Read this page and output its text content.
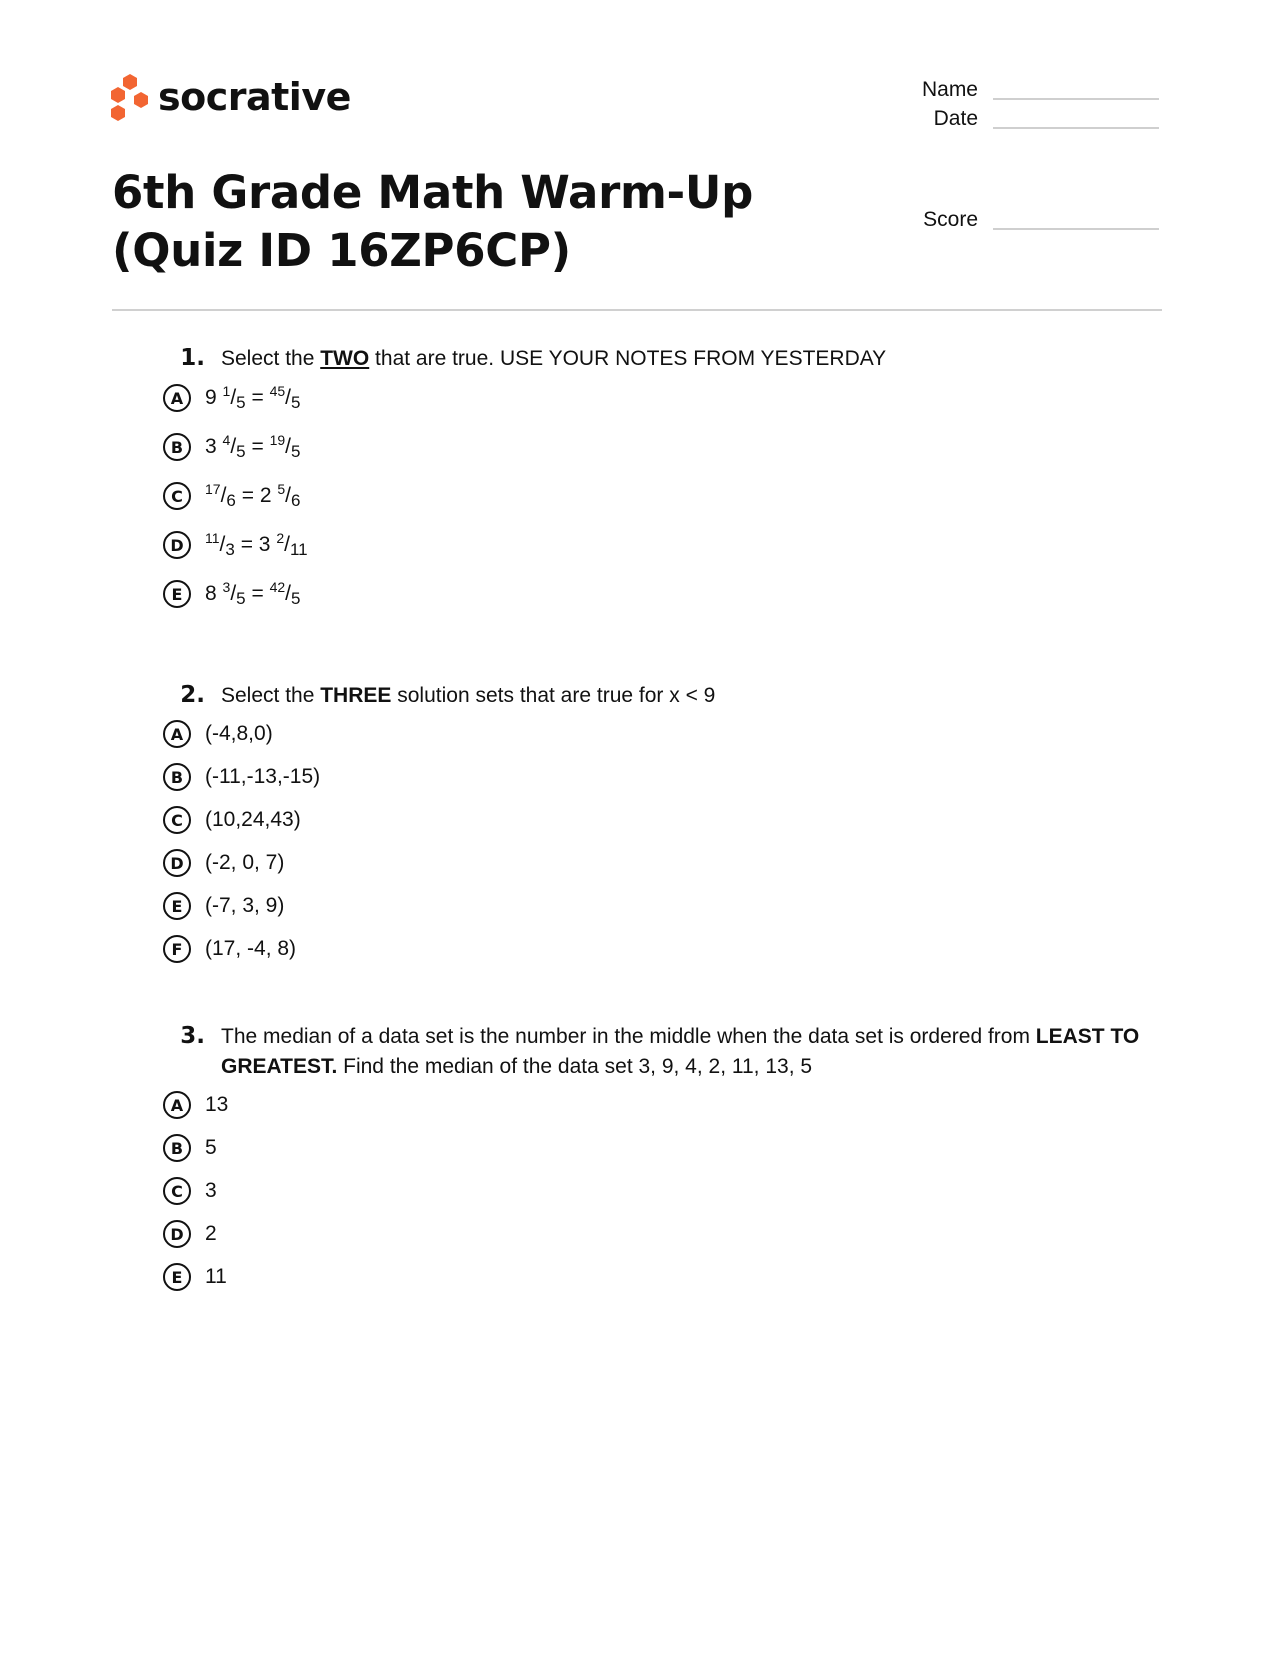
socrative	Name
Date
Score
6th Grade Math Warm-Up (Quiz ID 16ZP6CP)
1. Select the TWO that are true. USE YOUR NOTES FROM YESTERDAY
A	9 $^1/_5 = ^{45}/_5$
B	3 $^4/_5 = ^{19}/_5$
C	$^{17}/_6 = 2$ $^5/_6$
D	$^{11}/_3 = 3$ $^2/_{11}$
E	8 $^3/_5 = ^{42}/_5$
2. Select the THREE solution sets that are true for x < 9
A	(-4,8,0)
B	(-11,-13,-15)
C	(10,24,43)
D	(-2, 0, 7)
E	(-7, 3, 9)
F	(17, -4, 8)
3. The median of a data set is the number in the middle when the data set is ordered from LEAST TO GREATEST. Find the median of the data set 3, 9, 4, 2, 11, 13, 5
A	13
B	5
C	3
D	2
E	11
